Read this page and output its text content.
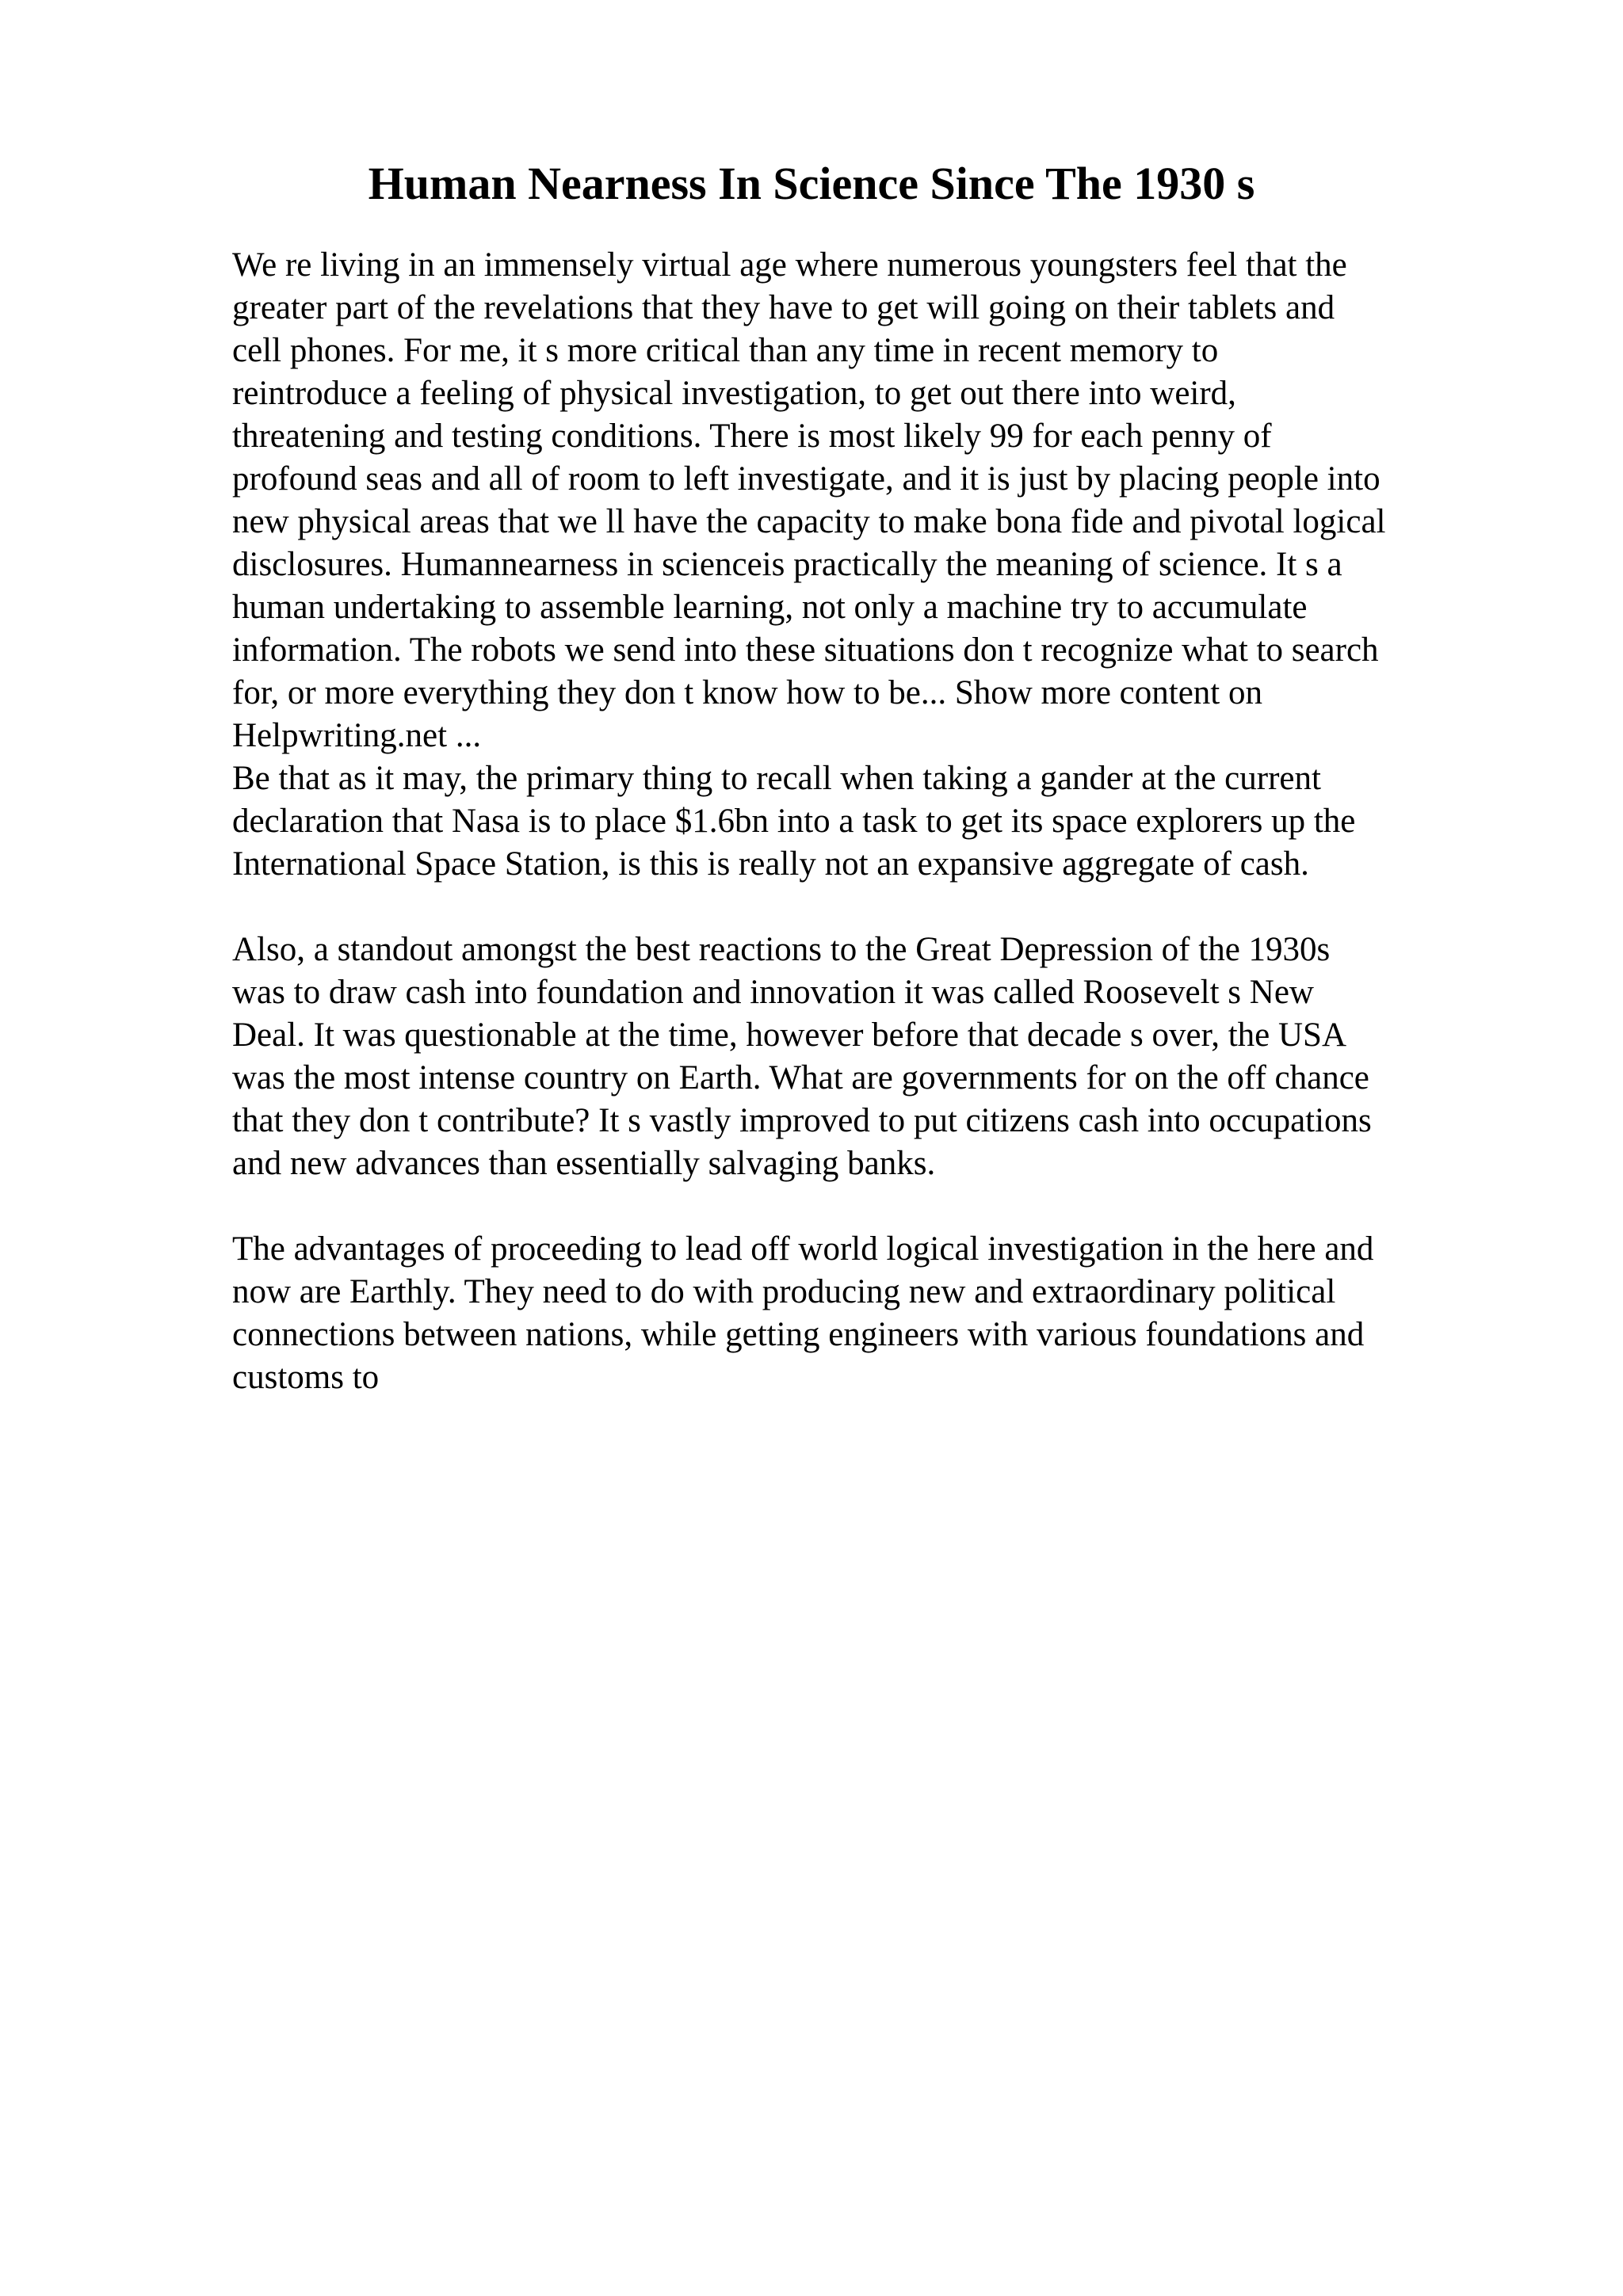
Human Nearness In Science Since The 1930 s
We re living in an immensely virtual age where numerous youngsters feel that the
greater part of the revelations that they have to get will going on their tablets and
cell phones. For me, it s more critical than any time in recent memory to
reintroduce a feeling of physical investigation, to get out there into weird,
threatening and testing conditions. There is most likely 99 for each penny of
profound seas and all of room to left investigate, and it is just by placing people into
new physical areas that we ll have the capacity to make bona fide and pivotal logical
disclosures. Humannearness in scienceis practically the meaning of science. It s a
human undertaking to assemble learning, not only a machine try to accumulate
information. The robots we send into these situations don t recognize what to search
for, or more everything they don t know how to be... Show more content on
Helpwriting.net ...
Be that as it may, the primary thing to recall when taking a gander at the current
declaration that Nasa is to place $1.6bn into a task to get its space explorers up the
International Space Station, is this is really not an expansive aggregate of cash.
Also, a standout amongst the best reactions to the Great Depression of the 1930s
was to draw cash into foundation and innovation it was called Roosevelt s New
Deal. It was questionable at the time, however before that decade s over, the USA
was the most intense country on Earth. What are governments for on the off chance
that they don t contribute? It s vastly improved to put citizens cash into occupations
and new advances than essentially salvaging banks.
The advantages of proceeding to lead off world logical investigation in the here and
now are Earthly. They need to do with producing new and extraordinary political
connections between nations, while getting engineers with various foundations and
customs to
